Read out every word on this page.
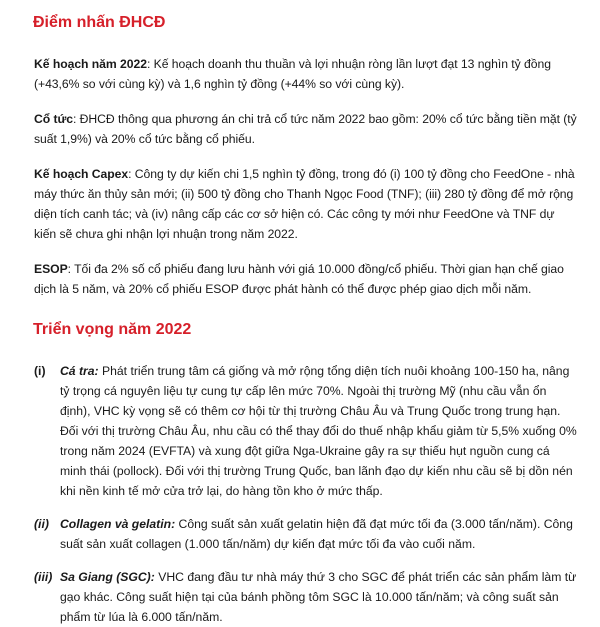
Điểm nhấn ĐHCĐ

Kế hoạch năm 2022: Kế hoạch doanh thu thuần và lợi nhuận ròng lần lượt đạt 13 nghìn tỷ đồng (+43,6% so với cùng kỳ) và 1,6 nghìn tỷ đồng (+44% so với cùng kỳ).

Cổ tức: ĐHCĐ thông qua phương án chi trả cổ tức năm 2022 bao gồm: 20% cổ tức bằng tiền mặt (tỷ suất 1,9%) và 20% cổ tức bằng cổ phiếu.

Kế hoạch Capex: Công ty dự kiến chi 1,5 nghìn tỷ đồng, trong đó (i) 100 tỷ đồng cho FeedOne - nhà máy thức ăn thủy sản mới; (ii) 500 tỷ đồng cho Thanh Ngọc Food (TNF); (iii) 280 tỷ đồng để mở rộng diện tích canh tác; và (iv) nâng cấp các cơ sở hiện có. Các công ty mới như FeedOne và TNF dự kiến sẽ chưa ghi nhận lợi nhuận trong năm 2022.

ESOP: Tối đa 2% số cổ phiếu đang lưu hành với giá 10.000 đồng/cổ phiếu. Thời gian hạn chế giao dịch là 5 năm, và 20% cổ phiếu ESOP được phát hành có thể được phép giao dịch mỗi năm.

Triển vọng năm 2022
(i)	Cá tra: Phát triển trung tâm cá giống và mở rộng tổng diện tích nuôi khoảng 100-150 ha, nâng tỷ trọng cá nguyên liệu tự cung tự cấp lên mức 70%. Ngoài thị trường Mỹ (nhu cầu vẫn ổn định), VHC kỳ vọng sẽ có thêm cơ hội từ thị trường Châu Âu và Trung Quốc trong trung hạn. Đối với thị trường Châu Âu, nhu cầu có thể thay đổi do thuế nhập khẩu giảm từ 5,5% xuống 0% trong năm 2024 (EVFTA) và xung đột giữa Nga-Ukraine gây ra sự thiếu hụt nguồn cung cá minh thái (pollock). Đối với thị trường Trung Quốc, ban lãnh đạo dự kiến nhu cầu sẽ bị dồn nén khi nền kinh tế mở cửa trở lại, do hàng tồn kho ở mức thấp.
(ii) Collagen và gelatin: Công suất sản xuất gelatin hiện đã đạt mức tối đa (3.000 tấn/năm). Công suất sản xuất collagen (1.000 tấn/năm) dự kiến đạt mức tối đa vào cuối năm.
(iii) Sa Giang (SGC): VHC đang đầu tư nhà máy thứ 3 cho SGC để phát triển các sản phẩm làm từ gạo khác. Công suất hiện tại của bánh phồng tôm SGC là 10.000 tấn/năm; và công suất sản phẩm từ lúa là 6.000 tấn/năm.
